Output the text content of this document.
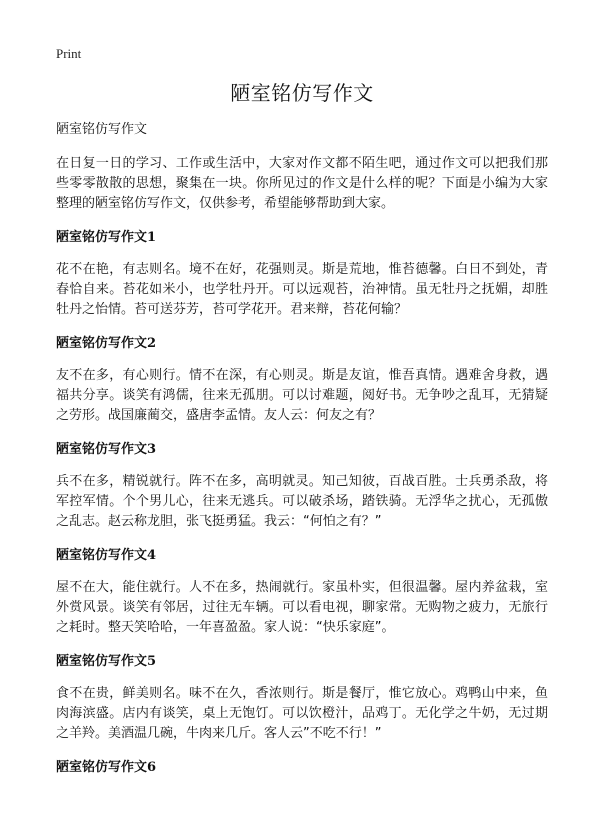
Print
陋室铭仿写作文

陋室铭仿写作文

在日复一日的学习、工作或生活中，大家对作文都不陌生吧，通过作文可以把我们那些零零散散的思想，聚集在一块。你所见过的作文是什么样的呢？下面是小编为大家整理的陋室铭仿写作文，仅供参考，希望能够帮助到大家。

陋室铭仿写作文1

花不在艳，有志则名。境不在好，花强则灵。斯是荒地，惟苔德馨。白日不到处，青春恰自来。苔花如米小，也学牡丹开。可以远观苔，治神情。虽无牡丹之抚媚，却胜牡丹之怡情。苔可送芬芳，苔可学花开。君来辩，苔花何输？

陋室铭仿写作文2

友不在多，有心则行。情不在深，有心则灵。斯是友谊，惟吾真情。遇难舍身救，遇福共分享。谈笑有鸿儒，往来无孤朋。可以讨难题，阅好书。无争吵之乱耳，无猜疑之劳形。战国廉蔺交，盛唐李孟情。友人云：何友之有？

陋室铭仿写作文3

兵不在多，精锐就行。阵不在多，高明就灵。知己知彼，百战百胜。士兵勇杀敌，将军控军情。个个男儿心，往来无逃兵。可以破杀场，踏铁骑。无浮华之扰心，无孤傲之乱志。赵云称龙胆，张飞挺勇猛。我云：“何怕之有？”

陋室铭仿写作文4

屋不在大，能住就行。人不在多，热闹就行。家虽朴实，但很温馨。屋内养盆栽，室外赏风景。谈笑有邻居，过往无车辆。可以看电视，聊家常。无购物之疲力，无旅行之耗时。整天笑哈哈，一年喜盈盈。家人说：“快乐家庭”。

陋室铭仿写作文5

食不在贵，鲜美则名。味不在久，香浓则行。斯是餐厅，惟它放心。鸡鸭山中来，鱼肉海滨盛。店内有谈笑，桌上无饱饤。可以饮橙汁，品鸡丁。无化学之牛奶，无过期之羊羚。美酒温几碗，牛肉来几斤。客人云”不吃不行！”

陋室铭仿写作文6
